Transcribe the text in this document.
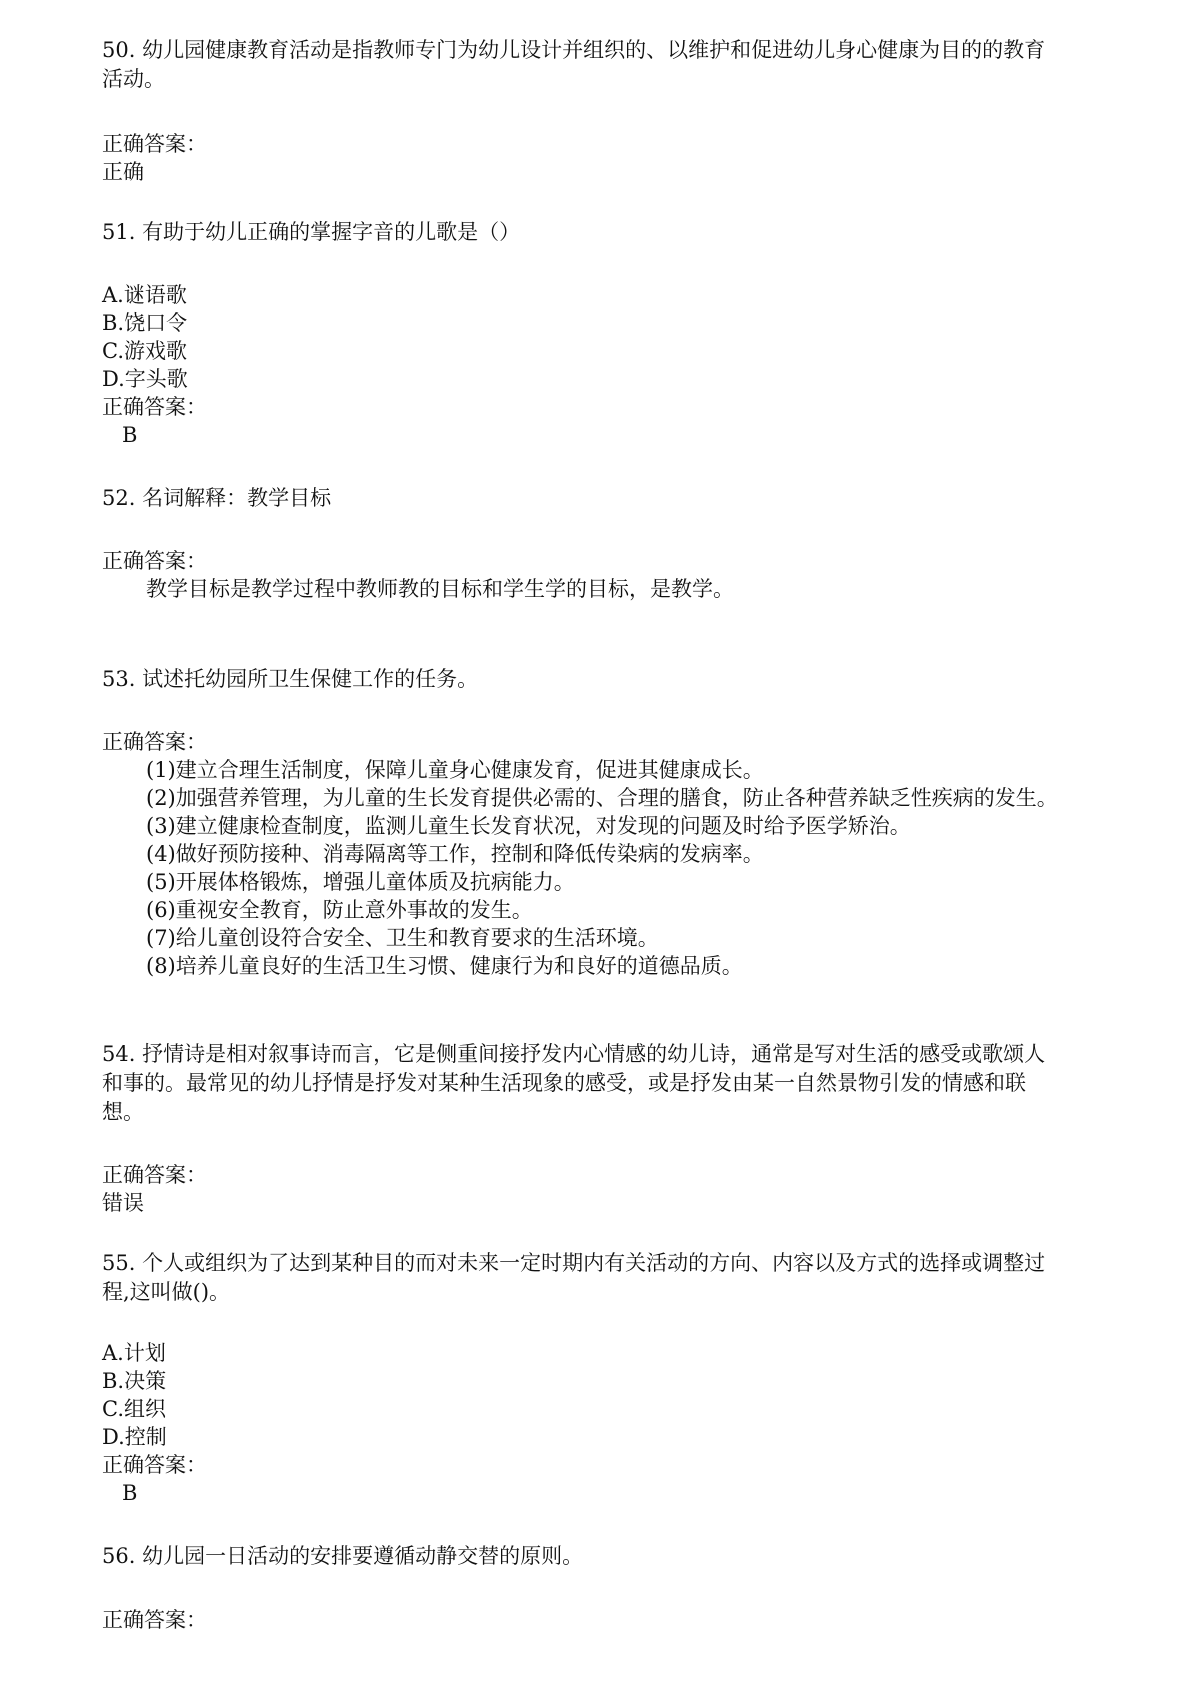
50. 幼儿园健康教育活动是指教师专门为幼儿设计并组织的、以维护和促进幼儿身心健康为目的的教育
活动。
正确答案：
正确
51. 有助于幼儿正确的掌握字音的儿歌是（）
A.谜语歌
B.饶口令
C.游戏歌
D.字头歌
正确答案：
B
52. 名词解释：教学目标
正确答案：
教学目标是教学过程中教师教的目标和学生学的目标，是教学。
53. 试述托幼园所卫生保健工作的任务。
正确答案：
(1)建立合理生活制度，保障儿童身心健康发育，促进其健康成长。
(2)加强营养管理，为儿童的生长发育提供必需的、合理的膳食，防止各种营养缺乏性疾病的发生。
(3)建立健康检查制度，监测儿童生长发育状况，对发现的问题及时给予医学矫治。
(4)做好预防接种、消毒隔离等工作，控制和降低传染病的发病率。
(5)开展体格锻炼，增强儿童体质及抗病能力。
(6)重视安全教育，防止意外事故的发生。
(7)给儿童创设符合安全、卫生和教育要求的生活环境。
(8)培养儿童良好的生活卫生习惯、健康行为和良好的道德品质。
54. 抒情诗是相对叙事诗而言，它是侧重间接抒发内心情感的幼儿诗，通常是写对生活的感受或歌颂人
和事的。最常见的幼儿抒情是抒发对某种生活现象的感受，或是抒发由某一自然景物引发的情感和联
想。
正确答案：
错误
55. 个人或组织为了达到某种目的而对未来一定时期内有关活动的方向、内容以及方式的选择或调整过
程,这叫做()。
A.计划
B.决策
C.组织
D.控制
正确答案：
B
56. 幼儿园一日活动的安排要遵循动静交替的原则。
正确答案：
